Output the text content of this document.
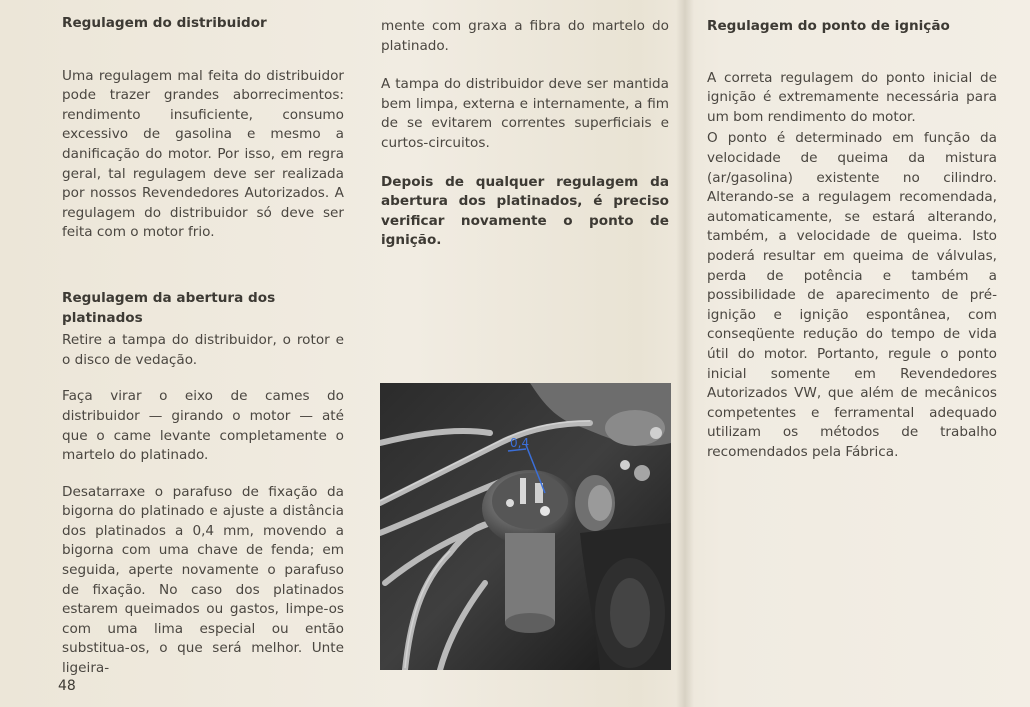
Regulagem do distribuidor

Uma regulagem mal feita do distribuidor pode trazer grandes aborrecimentos: rendimento insuficiente, consumo excessivo de gasolina e mesmo a danificação do motor. Por isso, em regra geral, tal regulagem deve ser realizada por nossos Revendedores Autorizados. A regulagem do distribuidor só deve ser feita com o motor frio.

Regulagem da abertura dos platinados

Retire a tampa do distribuidor, o rotor e o disco de vedação.

Faça virar o eixo de cames do distribuidor — girando o motor — até que o came levante completamente o martelo do platinado.

Desatarraxe o parafuso de fixação da bigorna do platinado e ajuste a distância dos platinados a 0,4 mm, movendo a bigorna com uma chave de fenda; em seguida, aperte novamente o parafuso de fixação. No caso dos platinados estarem queimados ou gastos, limpe-os com uma lima especial ou então substitua-os, o que será melhor. Unte ligeira-

mente com graxa a fibra do martelo do platinado.

A tampa do distribuidor deve ser mantida bem limpa, externa e internamente, a fim de se evitarem correntes superficiais e curtos-circuitos.

Depois de qualquer regulagem da abertura dos platinados, é preciso verificar novamente o ponto de ignição.

0,4
Regulagem do ponto de ignição

A correta regulagem do ponto inicial de ignição é extremamente necessária para um bom rendimento do motor.

O ponto é determinado em função da velocidade de queima da mistura (ar/gasolina) existente no cilindro. Alterando-se a regulagem recomendada, automaticamente, se estará alterando, também, a velocidade de queima. Isto poderá resultar em queima de válvulas, perda de potência e também a possibilidade de aparecimento de pré-ignição e ignição espontânea, com conseqüente redução do tempo de vida útil do motor. Portanto, regule o ponto inicial somente em Revendedores Autorizados VW, que além de mecânicos competentes e ferramental adequado utilizam os métodos de trabalho recomendados pela Fábrica.

48
